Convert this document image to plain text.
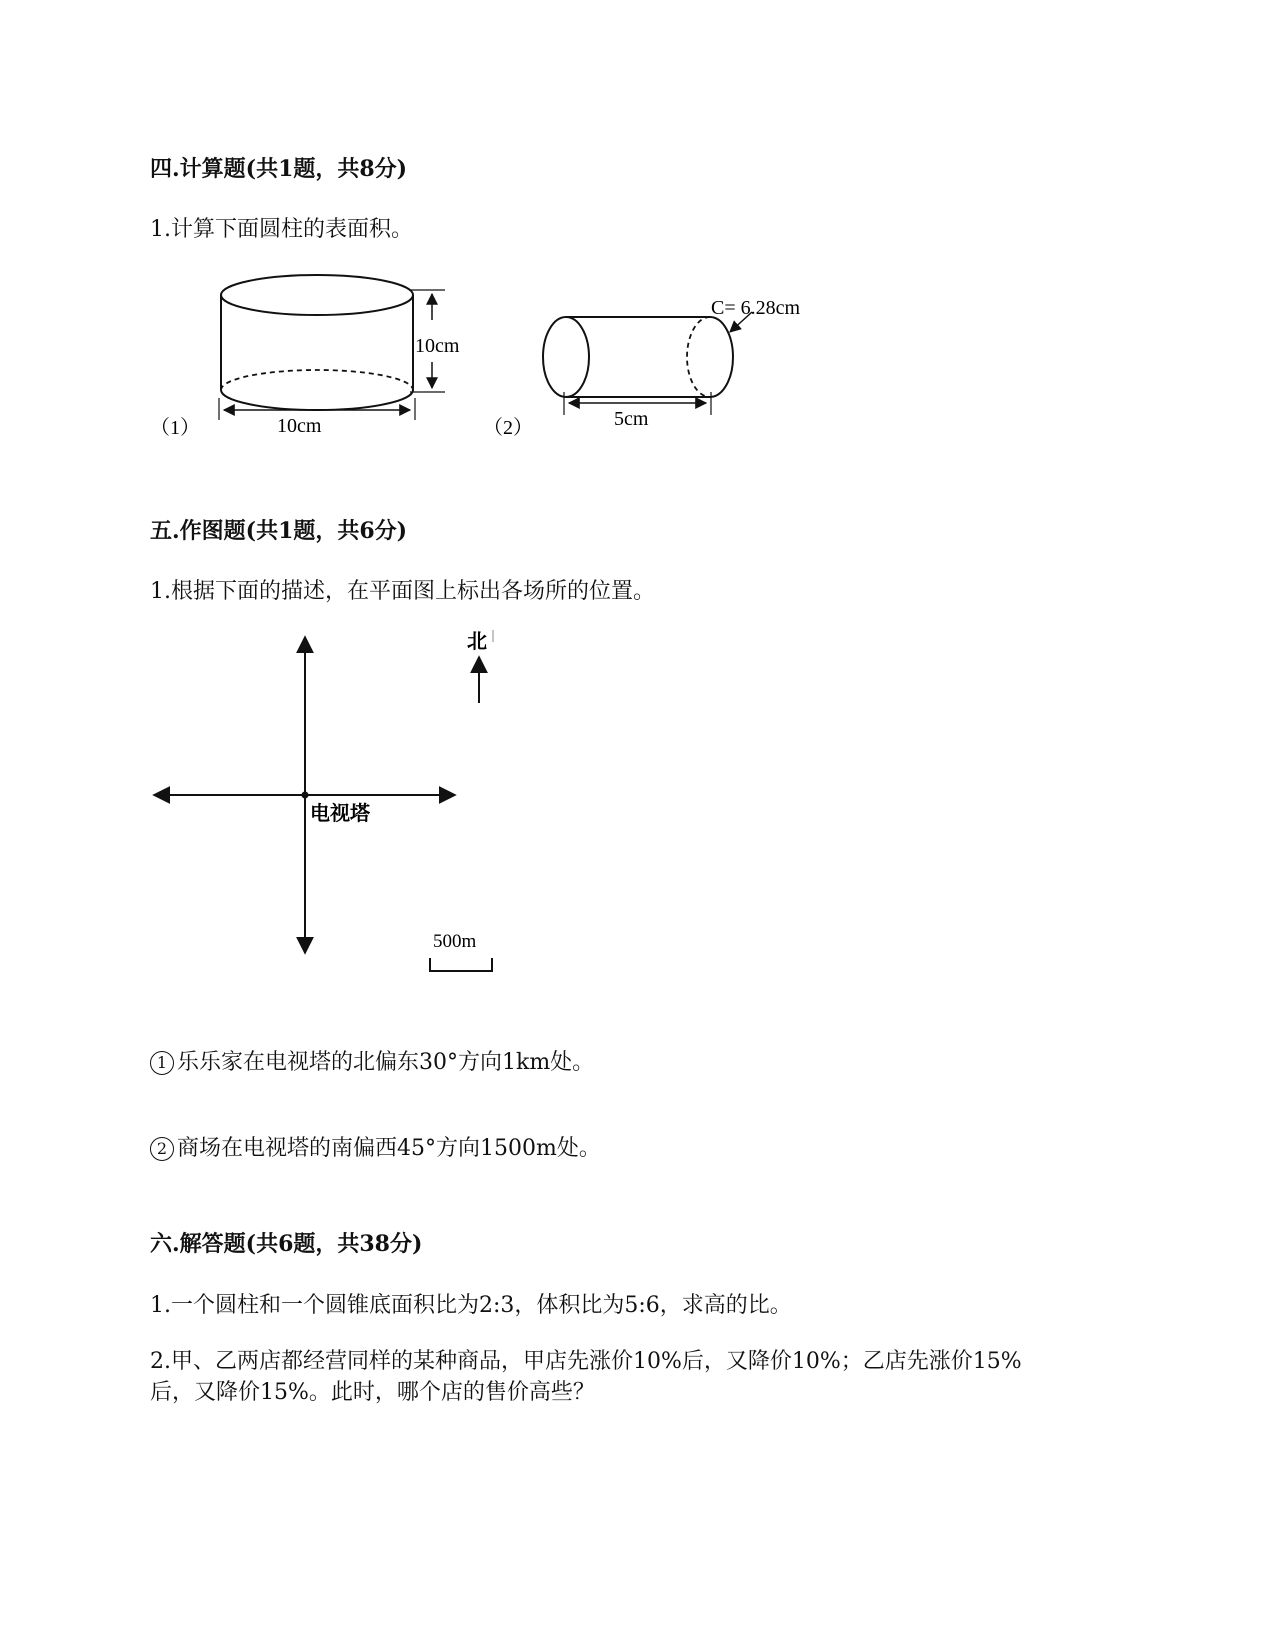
四.计算题(共1题，共8分)
1.计算下面圆柱的表面积。
（1）
10cm
10cm	（2）
C= 6.28cm
5cm
五.作图题(共1题，共6分)
1.根据下面的描述，在平面图上标出各场所的位置。
北
电视塔
500m
1 乐乐家在电视塔的北偏东30°方向1km处。
2 商场在电视塔的南偏西45°方向1500m处。
六.解答题(共6题，共38分)
1.一个圆柱和一个圆锥底面积比为2:3，体积比为5:6，求高的比。
2.甲、乙两店都经营同样的某种商品，甲店先涨价10%后，又降价10%；乙店先涨价15%
后，又降价15%。此时，哪个店的售价高些？
